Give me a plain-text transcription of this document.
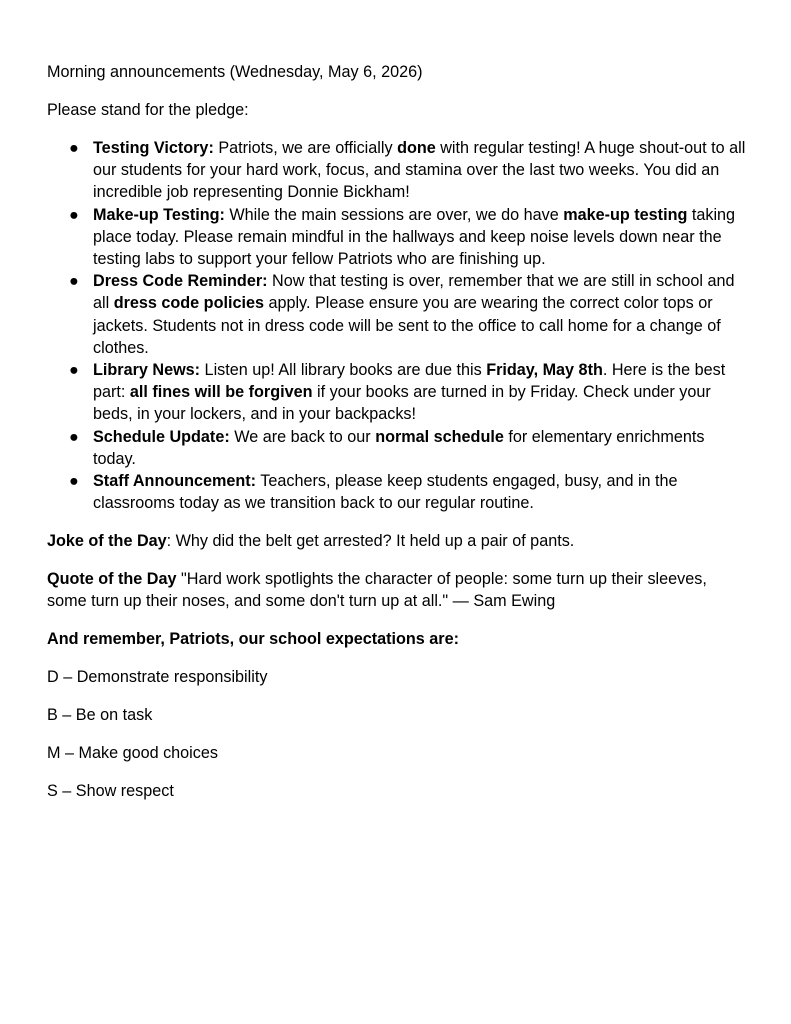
Morning announcements (Wednesday, May 6, 2026)

Please stand for the pledge:

● Testing Victory: Patriots, we are officially done with regular testing! A huge shout-out to all our students for your hard work, focus, and stamina over the last two weeks. You did an incredible job representing Donnie Bickham!
● Make-up Testing: While the main sessions are over, we do have make-up testing taking place today. Please remain mindful in the hallways and keep noise levels down near the testing labs to support your fellow Patriots who are finishing up.
● Dress Code Reminder: Now that testing is over, remember that we are still in school and all dress code policies apply. Please ensure you are wearing the correct color tops or jackets. Students not in dress code will be sent to the office to call home for a change of clothes.
● Library News: Listen up! All library books are due this Friday, May 8th. Here is the best part: all fines will be forgiven if your books are turned in by Friday. Check under your beds, in your lockers, and in your backpacks!
● Schedule Update: We are back to our normal schedule for elementary enrichments today.
● Staff Announcement: Teachers, please keep students engaged, busy, and in the classrooms today as we transition back to our regular routine.

Joke of the Day: Why did the belt get arrested? It held up a pair of pants.

Quote of the Day "Hard work spotlights the character of people: some turn up their sleeves, some turn up their noses, and some don't turn up at all." — Sam Ewing

And remember, Patriots, our school expectations are:

D – Demonstrate responsibility

B – Be on task

M – Make good choices

S – Show respect
